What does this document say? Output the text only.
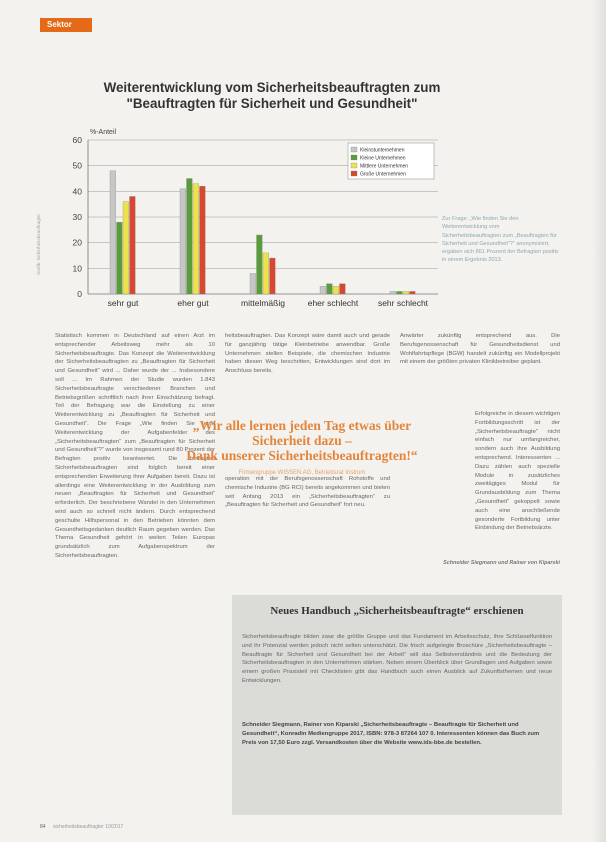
Sektor
Weiterentwicklung vom Sicherheitsbeauftragten zum
"Beauftragten für Sicherheit und Gesundheit"
0
10
20
30
40
50
60
%-Anteil
sehr gut	eher gut	mittelmäßig	eher schlecht sehr schlecht
Kleinstunternehmen
Kleine Unternehmen
Mittlere Unternehmen
Große Unternehmen
Zur Frage: „Wie finden Sie den Weiterentwicklung vom Sicherheitsbeauftragten zum „Beauftragten für Sicherheit und Gesundheit“?“ anonymisiert, ergaben sich 861 Prozent der Befragten positiv in einem Ergebnis 2013.
Grafik: Sicherheitsbeauftragter
Statistisch kommen in Deutschland auf einen Arzt im entsprechender Arbeitsweg mehr als 10 Sicherheitsbeauftragte. Das Konzept die Weiterentwicklung der Sicherheitsbeauftragten zu „Beauftragten für Sicherheit und Gesundheit“ wird ... Daher wurde der ... Insbesondere soll ... Im Rahmen der Studie wurden 1.843 Sicherheitsbeauftragte verschiedener Branchen und Betriebsgrößen schriftlich nach ihrer Einschätzung befragt. Teil der Befragung war die Einstellung zu einer Weiterentwicklung zu „Beauftragten für Sicherheit und Gesundheit“. Die Frage „Wie finden Sie eine Weiterentwicklung der Aufgabenfelder des „Sicherheitsbeauftragten“ zum „Beauftragten für Sicherheit und Gesundheit“?“ wurde von insgesamt rund 80 Prozent der Befragten positiv beantwortet. Die befragten Sicherheitsbeauftragten sind folglich bereit einer entsprechenden Erweiterung ihrer Aufgaben bereit. Dazu ist allerdings eine Weiterentwicklung in der Ausbildung zum neuen „Beauftragten für Sicherheit und Gesundheit“ erforderlich. Der beschriebene Wandel in den Unternehmen wird auch so schnell nicht ändern. Durch entsprechend geschulte Hilfspersonal in den Betrieben könnten dem Gesundheitsgedanken deutlich Raum gegeben werden. Das Thema Gesundheit gehört in weiten Teilen Europas grundsätzlich zum Aufgabenspektrum der Sicherheitsbeauftragten.
heitsbeauftragten. Das Konzept wäre damit auch und gerade für ganzjährig tätige Kleinbetriebe anwendbar. Große Unternehmen stellen Beispiele, die chemischen Industrie haben diesen Weg beschritten, Entwicklungen sind dort im Anschluss bereits.
operation mit der Berufsgenossenschaft Rohstoffe und chemische Industrie (BG RCI) bereits angekommen und bieten seit Anfang 2013 ein „Sicherheitsbeauftragten“ zu „Beauftragten für Sicherheit und Gesundheit“ fort neu.
Anwärter zukünftig entsprechend aus. Die Berufsgenossenschaft für Gesundheitsdienst und Wohlfahrtspflege (BGW) handelt zukünftig ein Modellprojekt mit einem der größten privaten Klinikbetreiber geplant.
Erfolgreiche in diesem wichtigen Fortbildungsschritt ist der „Sicherheitsbeauftragte“ nicht einfach nur umfangreicher, sondern auch ihre Ausbildung entsprechend. Interessenten ... Dazu zählen auch spezielle Module in zusätzliches zweitägiges Modul für Grundausbildung zum Thema „Gesundheit“ gekoppelt sowie auch eine anschließende gesonderte Fortbildung unter Einbindung der Betriebsärzte.
„Wir alle lernen jeden Tag etwas über
Sicherheit dazu –
Dank unserer Sicherheitsbeauftragten!“
Firmengruppe WISSEN AG, Betriebsrat Instrum
Schneider Siegmann und Rainer von Kiparski
Neues Handbuch „Sicherheitsbeauftragte“ erschienen
Sicherheitsbeauftragte bilden zwar die größte Gruppe und das Fundament im Arbeitsschutz, ihre Schlüsselfunktion und ihr Potenzial werden jedoch nicht selten unterschätzt. Die frisch aufgelegte Broschüre „Sicherheitsbeauftragte – Beauftragte für Sicherheit und Gesundheit bei der Arbeit“ will das Selbstverständnis und die Bedeutung der Sicherheitsbeauftragten in den Unternehmen stärken. Neben einem Überblick über Grundlagen und Aufgaben sowie einem großen Praxisteil mit Checklisten gibt das Handbuch auch einen Ausblick auf Zukunftsthemen und neue Entwicklungen.
Schneider Siegmann, Rainer von Kiparski „Sicherheitsbeauftragte – Beauftragte für Sicherheit und Gesundheit“, Konradin Mediengruppe 2017, ISBN: 978-3 87264 107 0. Interessenten können das Buch zum Preis von 17,50 Euro zzgl. Versandkosten über die Website www.ids-bbe.de bestellen.
84 sicherheitsbeauftragter 10/2017
